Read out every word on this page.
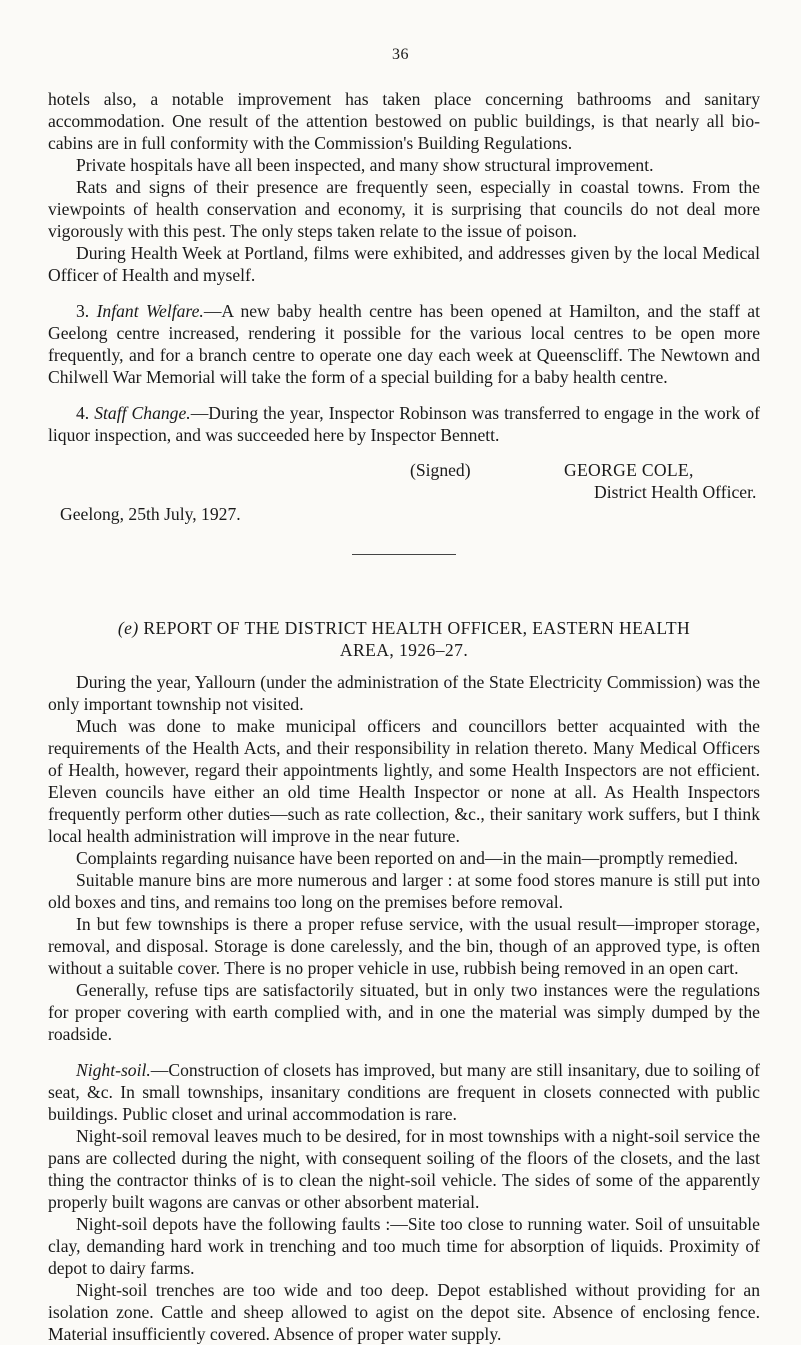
36

hotels also, a notable improvement has taken place concerning bathrooms and sanitary accommodation. One result of the attention bestowed on public buildings, is that nearly all bio-cabins are in full conformity with the Commission's Building Regulations.

Private hospitals have all been inspected, and many show structural improvement.

Rats and signs of their presence are frequently seen, especially in coastal towns. From the viewpoints of health conservation and economy, it is surprising that councils do not deal more vigorously with this pest. The only steps taken relate to the issue of poison.

During Health Week at Portland, films were exhibited, and addresses given by the local Medical Officer of Health and myself.

3. Infant Welfare.—A new baby health centre has been opened at Hamilton, and the staff at Geelong centre increased, rendering it possible for the various local centres to be open more frequently, and for a branch centre to operate one day each week at Queenscliff. The Newtown and Chilwell War Memorial will take the form of a special building for a baby health centre.

4. Staff Change.—During the year, Inspector Robinson was transferred to engage in the work of liquor inspection, and was succeeded here by Inspector Bennett.

(Signed)	GEORGE COLE,
District Health Officer.
Geelong, 25th July, 1927.
(e) REPORT OF THE DISTRICT HEALTH OFFICER, EASTERN HEALTH
AREA, 1926–27.

During the year, Yallourn (under the administration of the State Electricity Commission) was the only important township not visited.

Much was done to make municipal officers and councillors better acquainted with the requirements of the Health Acts, and their responsibility in relation thereto. Many Medical Officers of Health, however, regard their appointments lightly, and some Health Inspectors are not efficient. Eleven councils have either an old time Health Inspector or none at all. As Health Inspectors frequently perform other duties—such as rate collection, &c., their sanitary work suffers, but I think local health administration will improve in the near future.

Complaints regarding nuisance have been reported on and—in the main—promptly remedied.

Suitable manure bins are more numerous and larger : at some food stores manure is still put into old boxes and tins, and remains too long on the premises before removal.

In but few townships is there a proper refuse service, with the usual result—improper storage, removal, and disposal. Storage is done carelessly, and the bin, though of an approved type, is often without a suitable cover. There is no proper vehicle in use, rubbish being removed in an open cart.

Generally, refuse tips are satisfactorily situated, but in only two instances were the regulations for proper covering with earth complied with, and in one the material was simply dumped by the roadside.

Night-soil.—Construction of closets has improved, but many are still insanitary, due to soiling of seat, &c. In small townships, insanitary conditions are frequent in closets connected with public buildings. Public closet and urinal accommodation is rare.

Night-soil removal leaves much to be desired, for in most townships with a night-soil service the pans are collected during the night, with consequent soiling of the floors of the closets, and the last thing the contractor thinks of is to clean the night-soil vehicle. The sides of some of the apparently properly built wagons are canvas or other absorbent material.

Night-soil depots have the following faults :—Site too close to running water. Soil of unsuitable clay, demanding hard work in trenching and too much time for absorption of liquids. Proximity of depot to dairy farms.

Night-soil trenches are too wide and too deep. Depot established without providing for an isolation zone. Cattle and sheep allowed to agist on the depot site. Absence of enclosing fence. Material insufficiently covered. Absence of proper water supply.
